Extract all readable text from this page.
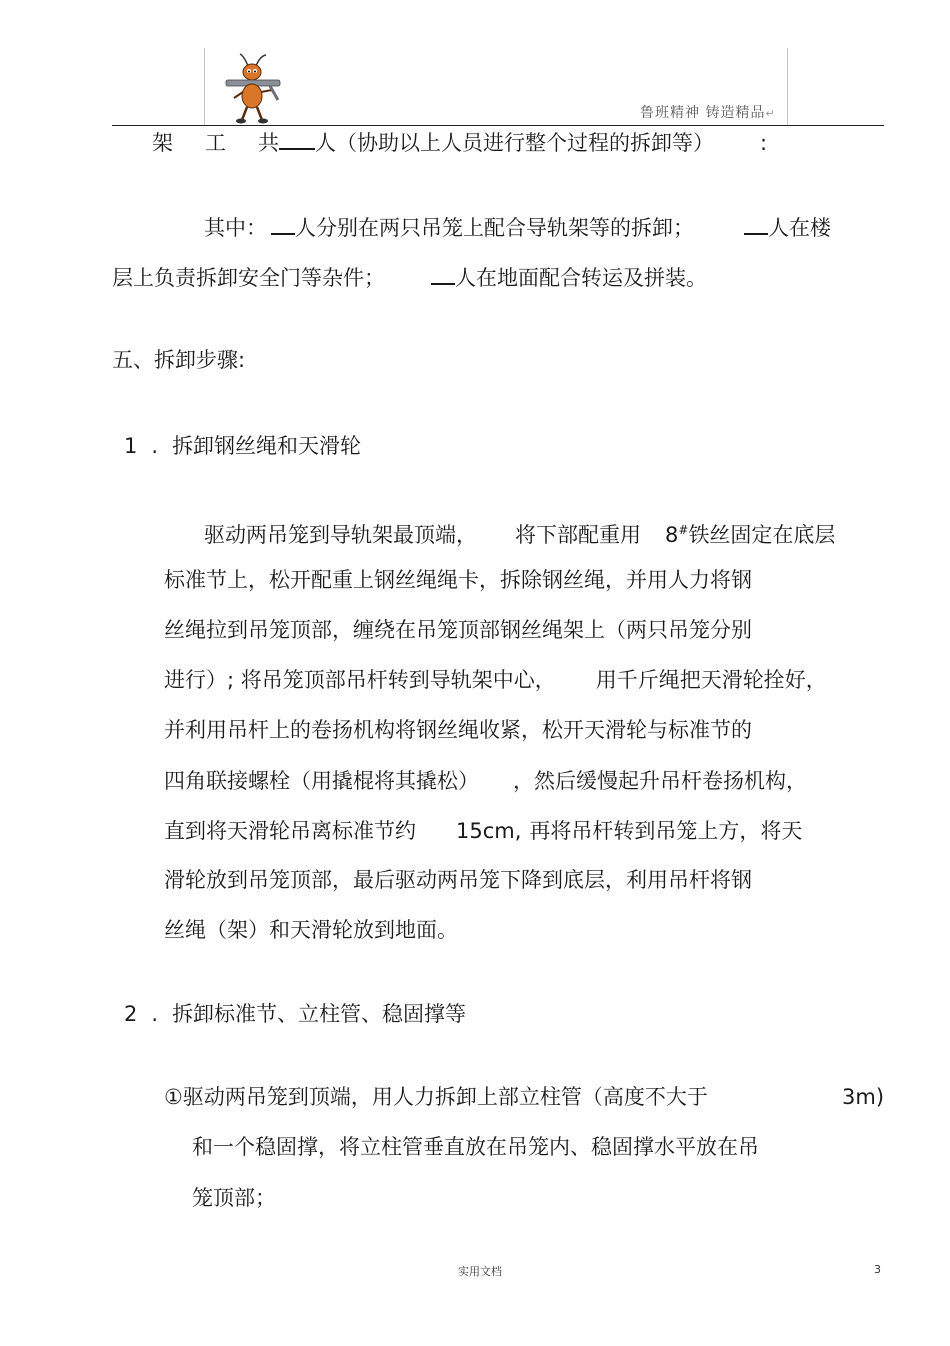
鲁班精神 铸造精品↵
架 工 共 人（协助以上人员进行整个过程的拆卸等） :
其中： 人分别在两只吊笼上配合导轨架等的拆卸；	人在楼
层上负责拆卸安全门等杂件；	人在地面配合转运及拼装。
五、拆卸步骤:
1 . 拆卸钢丝绳和天滑轮
驱动两吊笼到导轨架最顶端， 将下部配重用 8#铁丝固定在底层
标准节上，松开配重上钢丝绳绳卡，拆除钢丝绳，并用人力将钢
丝绳拉到吊笼顶部，缠绕在吊笼顶部钢丝绳架上（两只吊笼分别
进行）; 将吊笼顶部吊杆转到导轨架中心， 用千斤绳把天滑轮拴好，
并利用吊杆上的卷扬机构将钢丝绳收紧，松开天滑轮与标准节的
四角联接螺栓（用撬棍将其撬松） ，然后缓慢起升吊杆卷扬机构，
直到将天滑轮吊离标准节约 15cm, 再将吊杆转到吊笼上方，将天
滑轮放到吊笼顶部，最后驱动两吊笼下降到底层，利用吊杆将钢
丝绳（架）和天滑轮放到地面。
2 . 拆卸标准节、立柱管、稳固撑等
①驱动两吊笼到顶端，用人力拆卸上部立柱管（高度不大于	3m)
和一个稳固撑，将立柱管垂直放在吊笼内、稳固撑水平放在吊
笼顶部；
实用文档	3
